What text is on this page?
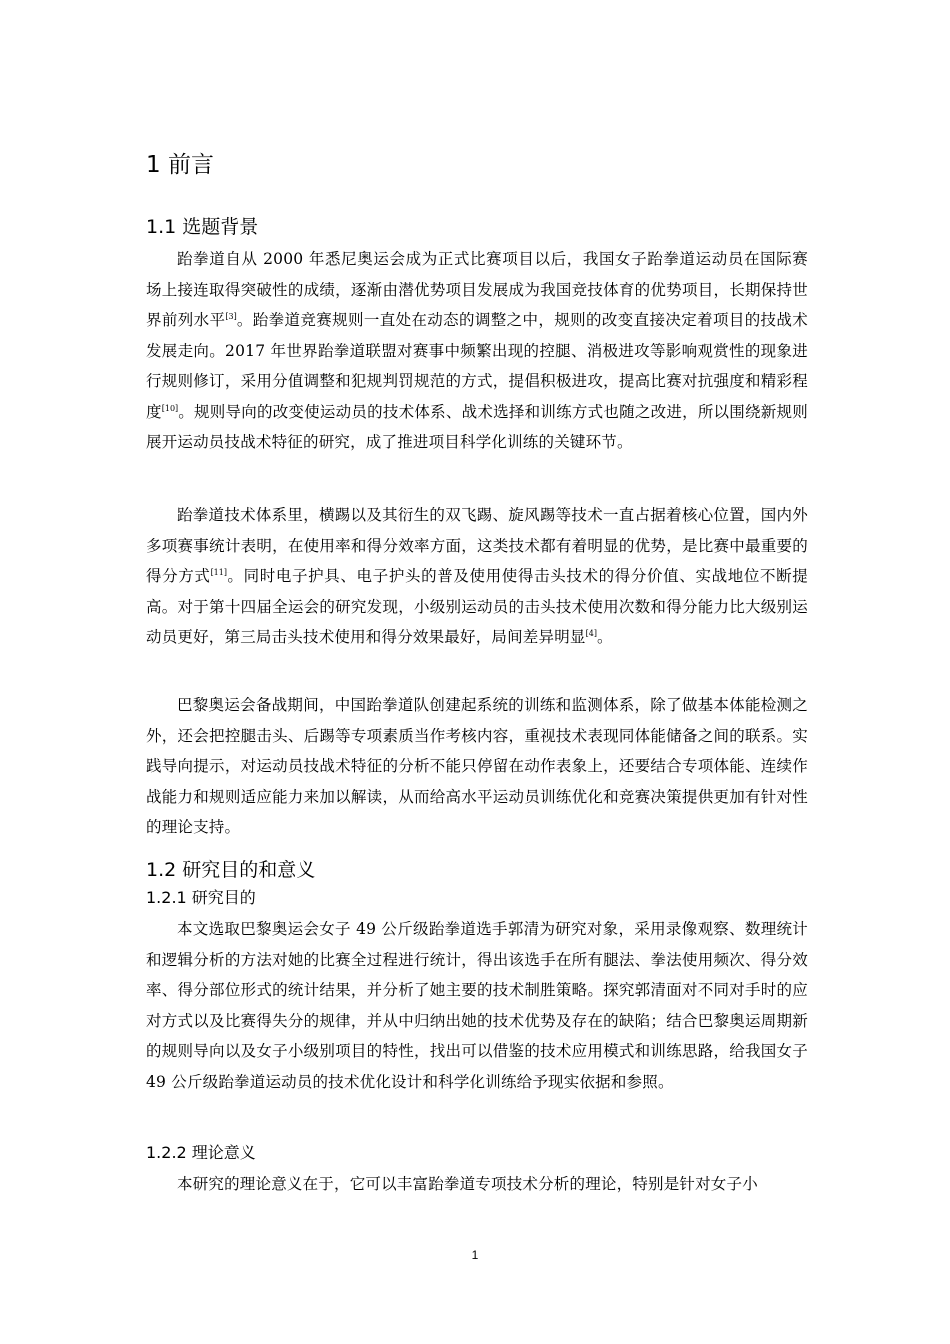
1 前言
1.1 选题背景

跆拳道自从 2000 年悉尼奥运会成为正式比赛项目以后，我国女子跆拳道运动员在国际赛场上接连取得突破性的成绩，逐渐由潜优势项目发展成为我国竞技体育的优势项目，长期保持世界前列水平[3]。跆拳道竞赛规则一直处在动态的调整之中，规则的改变直接决定着项目的技战术发展走向。2017 年世界跆拳道联盟对赛事中频繁出现的控腿、消极进攻等影响观赏性的现象进行规则修订，采用分值调整和犯规判罚规范的方式，提倡积极进攻，提高比赛对抗强度和精彩程度[10]。规则导向的改变使运动员的技术体系、战术选择和训练方式也随之改进，所以围绕新规则展开运动员技战术特征的研究，成了推进项目科学化训练的关键环节。

跆拳道技术体系里，横踢以及其衍生的双飞踢、旋风踢等技术一直占据着核心位置，国内外多项赛事统计表明，在使用率和得分效率方面，这类技术都有着明显的优势，是比赛中最重要的得分方式[11]。同时电子护具、电子护头的普及使用使得击头技术的得分价值、实战地位不断提高。对于第十四届全运会的研究发现，小级别运动员的击头技术使用次数和得分能力比大级别运动员更好，第三局击头技术使用和得分效果最好，局间差异明显[4]。

巴黎奥运会备战期间，中国跆拳道队创建起系统的训练和监测体系，除了做基本体能检测之外，还会把控腿击头、后踢等专项素质当作考核内容，重视技术表现同体能储备之间的联系。实践导向提示，对运动员技战术特征的分析不能只停留在动作表象上，还要结合专项体能、连续作战能力和规则适应能力来加以解读，从而给高水平运动员训练优化和竞赛决策提供更加有针对性的理论支持。

1.2 研究目的和意义
1.2.1 研究目的

本文选取巴黎奥运会女子 49 公斤级跆拳道选手郭清为研究对象，采用录像观察、数理统计和逻辑分析的方法对她的比赛全过程进行统计，得出该选手在所有腿法、拳法使用频次、得分效率、得分部位形式的统计结果，并分析了她主要的技术制胜策略。探究郭清面对不同对手时的应对方式以及比赛得失分的规律，并从中归纳出她的技术优势及存在的缺陷；结合巴黎奥运周期新的规则导向以及女子小级别项目的特性，找出可以借鉴的技术应用模式和训练思路，给我国女子 49 公斤级跆拳道运动员的技术优化设计和科学化训练给予现实依据和参照。

1.2.2 理论意义

本研究的理论意义在于，它可以丰富跆拳道专项技术分析的理论，特别是针对女子小

1
